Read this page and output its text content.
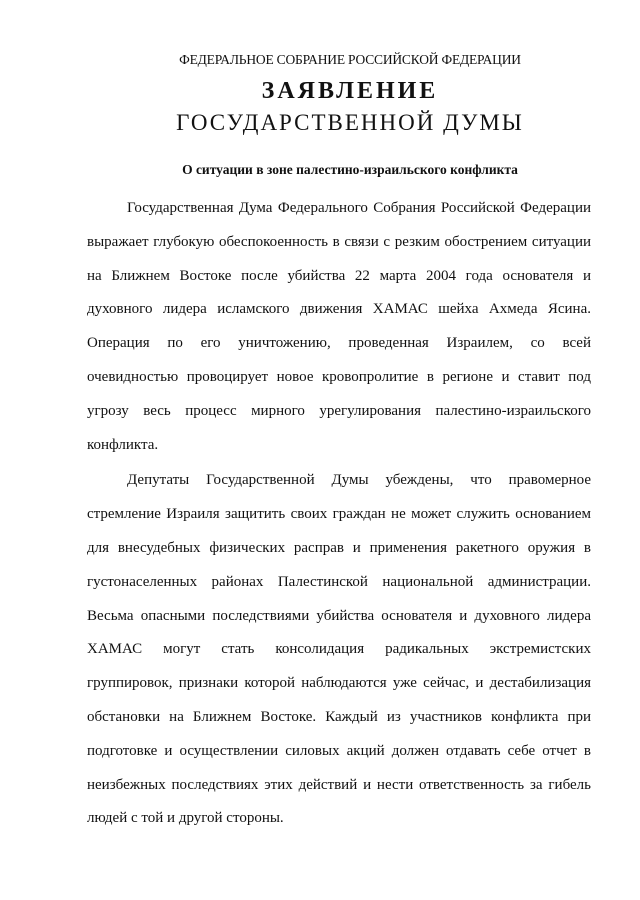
ФЕДЕРАЛЬНОЕ СОБРАНИЕ РОССИЙСКОЙ ФЕДЕРАЦИИ
ЗАЯВЛЕНИЕ
ГОСУДАРСТВЕННОЙ ДУМЫ
О ситуации в зоне палестино-израильского конфликта
Государственная Дума Федерального Собрания Российской Федерации
выражает глубокую обеспокоенность в связи с резким обострением ситуации
на Ближнем Востоке после убийства 22 марта 2004 года основателя и
духовного лидера исламского движения ХАМАС шейха Ахмеда Ясина.
Операция по его уничтожению, проведенная Израилем, со всей
очевидностью провоцирует новое кровопролитие в регионе и ставит под
угрозу весь процесс мирного урегулирования палестино-израильского
конфликта.
Депутаты Государственной Думы убеждены, что правомерное
стремление Израиля защитить своих граждан не может служить основанием
для внесудебных физических расправ и применения ракетного оружия в
густонаселенных районах Палестинской национальной администрации.
Весьма опасными последствиями убийства основателя и духовного лидера
ХАМАС могут стать консолидация радикальных экстремистских
группировок, признаки которой наблюдаются уже сейчас, и дестабилизация
обстановки на Ближнем Востоке. Каждый из участников конфликта при
подготовке и осуществлении силовых акций должен отдавать себе отчет в
неизбежных последствиях этих действий и нести ответственность за гибель
людей с той и другой стороны.
